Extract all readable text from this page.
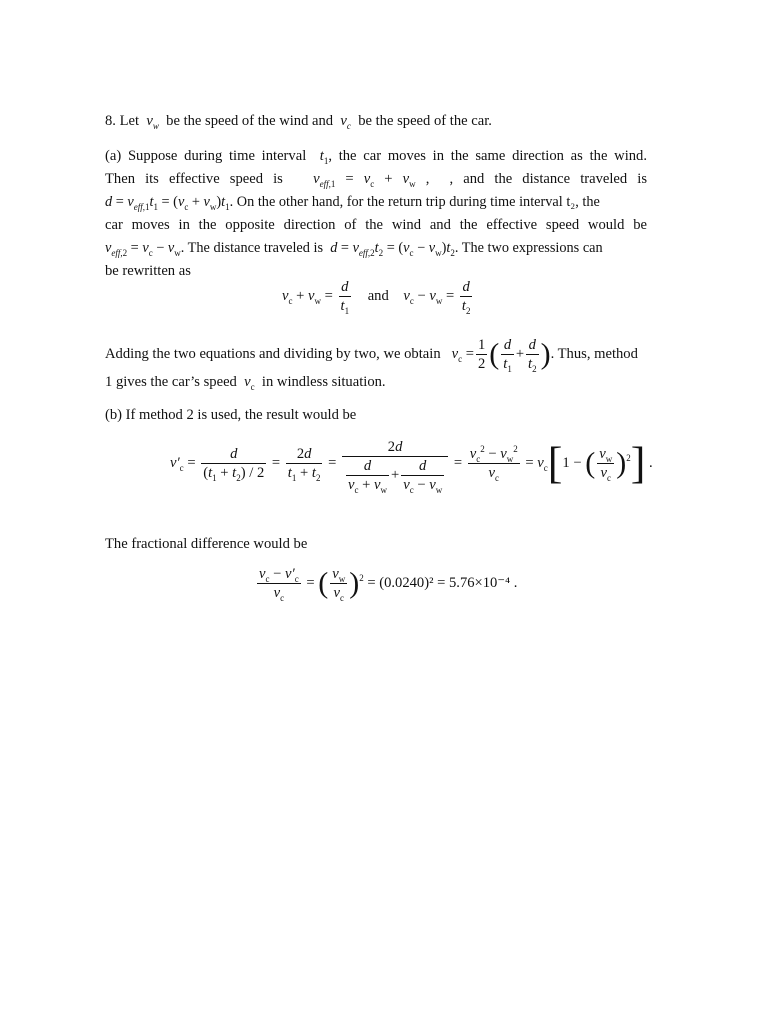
8. Let $v_w$ be the speed of the wind and $v_c$ be the speed of the car.
(a) Suppose during time interval $t_1$, the car moves in the same direction as the wind.
Then its effective speed is $v_{eff,1} = v_c + v_w$ ,  , and the distance traveled is
$d = v_{eff,1}t_1 = (v_c + v_w)t_1$. On the other hand, for the return trip during time interval t₂, the
car moves in the opposite direction of the wind and the effective speed would be
$v_{eff,2} = v_c - v_w$. The distance traveled is $d = v_{eff,2}t_2 = (v_c - v_w)t_2$. The two expressions can
be rewritten as
$v_c + v_w = \frac{d}{t_1}$ and $v_c - v_w = \frac{d}{t_2}$
Adding the two equations and dividing by two, we obtain $v_c = \frac{1}{2}$ ( $\frac{d}{t_1} + \frac{d}{t_2}$ ). Thus, method
1 gives the car’s speed $v_c$ in windless situation.
(b) If method 2 is used, the result would be
$v'_c = \frac{d}{(t_1 + t_2) / 2} = \frac{2d}{t_1 + t_2} = \frac{2d}{\frac{d}{v_c + v_w} + \frac{d}{v_c - v_w}} = \frac{v_c^2 - v_w^2}{v_c} = v_c[1$ − ( $\frac{v_w}{v_c} )^2$] .
The fractional difference would be
$\frac{v_c - v'_c}{v_c}$ = ( $\frac{v_w}{v_c} )^2 = (0.0240)^2 = 5.76\times 10^{-4}$ .
